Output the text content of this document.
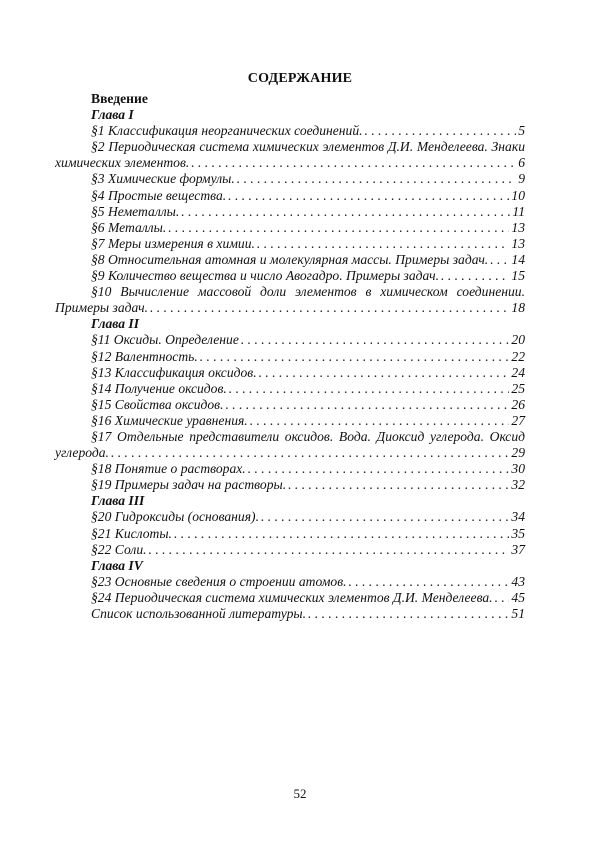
СОДЕРЖАНИЕ
Введение
Глава I
§1 Классификация неорганических соединений. . . .	5
§2 Периодическая система химических элементов Д.И. Менделеева. Знаки
химических элементов. . . .	6
§3 Химические формулы. . . .	9
§4 Простые вещества. . . .	10
§5 Неметаллы. . . .	11
§6 Металлы. . . .	13
§7 Меры измерения в химии. . . .	13
§8 Относительная атомная и молекулярная массы. Примеры задач. . . . 14
§9 Количество вещества и число Авогадро. Примеры задач. . . .	15
§10 Вычисление массовой доли элементов в химическом соединении.
Примеры задач. . . .	18
Глава II
§11 Оксиды. Определение . . .	20
§12 Валентность. . . .	22
§13 Классификация оксидов. . . .	24
§14 Получение оксидов. . . .	25
§15 Свойства оксидов. . . .	26
§16 Химические уравнения. . . .	27
§17 Отдельные представители оксидов. Вода. Диоксид углерода. Оксид
углерода. . . .	29
§18 Понятие о растворах. . . .	30
§19 Примеры задач на растворы. . . .	32
Глава III
§20 Гидроксиды (основания). . . .	34
§21 Кислоты. . . .	35
§22 Соли. . . .	37
Глава IV
§23 Основные сведения о строении атомов. . . .	43
§24 Периодическая система химических элементов Д.И. Менделеева. . . . 45
Список использованной литературы. . . .	51
52
